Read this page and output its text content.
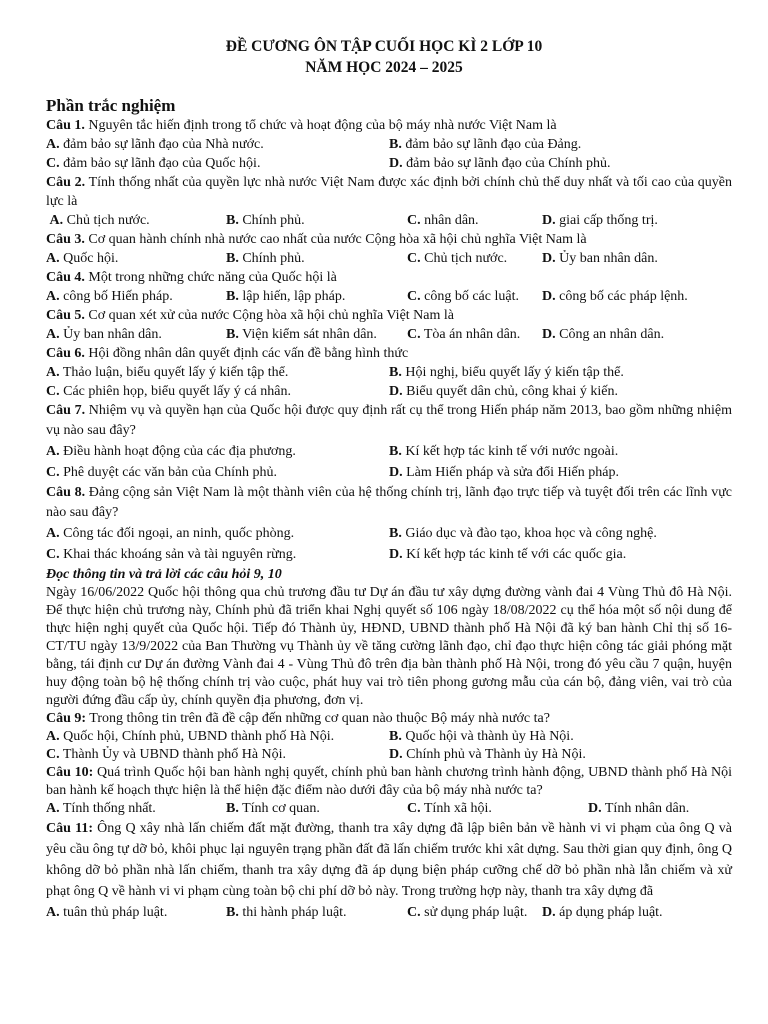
ĐỀ CƯƠNG ÔN TẬP CUỐI HỌC KÌ 2 LỚP 10
NĂM HỌC 2024 – 2025
Phần trắc nghiệm
Câu 1. Nguyên tắc hiến định trong tổ chức và hoạt động của bộ máy nhà nước Việt Nam là
A. đảm bảo sự lãnh đạo của Nhà nước.	B. đảm bảo sự lãnh đạo của Đảng.
C. đảm bảo sự lãnh đạo của Quốc hội.	D. đảm bảo sự lãnh đạo của Chính phủ.
Câu 2. Tính thống nhất của quyền lực nhà nước Việt Nam được xác định bởi chính chủ thể duy nhất và tối cao của quyền lực là
A. Chủ tịch nước.	B. Chính phủ.	C. nhân dân.	D. giai cấp thống trị.
Câu 3. Cơ quan hành chính nhà nước cao nhất của nước Cộng hòa xã hội chủ nghĩa Việt Nam là
A. Quốc hội.	B. Chính phủ.	C. Chủ tịch nước.	D. Ủy ban nhân dân.
Câu 4. Một trong những chức năng của Quốc hội là
A. công bố Hiến pháp.	B. lập hiến, lập pháp.	C. công bố các luật.	D. công bố các pháp lệnh.
Câu 5. Cơ quan xét xử của nước Cộng hòa xã hội chủ nghĩa Việt Nam là
A. Ủy ban nhân dân.	B. Viện kiểm sát nhân dân.	C. Tòa án nhân dân.	D. Công an nhân dân.
Câu 6. Hội đồng nhân dân quyết định các vấn đề bằng hình thức
A. Thảo luận, biểu quyết lấy ý kiến tập thể.	B. Hội nghị, biểu quyết lấy ý kiến tập thể.
C. Các phiên họp, biểu quyết lấy ý cá nhân.	D. Biểu quyết dân chủ, công khai ý kiến.
Câu 7. Nhiệm vụ và quyền hạn của Quốc hội được quy định rất cụ thể trong Hiến pháp năm 2013, bao gồm những nhiệm vụ nào sau đây?
A. Điều hành hoạt động của các địa phương.	B. Kí kết hợp tác kinh tế với nước ngoài.
C. Phê duyệt các văn bản của Chính phủ.	D. Làm Hiến pháp và sửa đổi Hiến pháp.
Câu 8. Đảng cộng sản Việt Nam là một thành viên của hệ thống chính trị, lãnh đạo trực tiếp và tuyệt đối trên các lĩnh vực nào sau đây?
A. Công tác đối ngoại, an ninh, quốc phòng.	B. Giáo dục và đào tạo, khoa học và công nghệ.
C. Khai thác khoáng sản và tài nguyên rừng.	D. Kí kết hợp tác kinh tế với các quốc gia.
Đọc thông tin và trả lời các câu hỏi 9, 10
Ngày 16/06/2022 Quốc hội thông qua chủ trương đầu tư Dự án đầu tư xây dựng đường vành đai 4 Vùng Thủ đô Hà Nội. Để thực hiện chủ trương này, Chính phủ đã triển khai Nghị quyết số 106 ngày 18/08/2022 cụ thể hóa một số nội dung để thực hiện nghị quyết của Quốc hội. Tiếp đó Thành ủy, HĐND, UBND thành phố Hà Nội đã ký ban hành Chỉ thị số 16-CT/TU ngày 13/9/2022 của Ban Thường vụ Thành ủy về tăng cường lãnh đạo, chỉ đạo thực hiện công tác giải phóng mặt bằng, tái định cư Dự án đường Vành đai 4 - Vùng Thủ đô trên địa bàn thành phố Hà Nội, trong đó yêu cầu 7 quận, huyện huy động toàn bộ hệ thống chính trị vào cuộc, phát huy vai trò tiên phong gương mẫu của cán bộ, đảng viên, vai trò của người đứng đầu cấp ủy, chính quyền địa phương, đơn vị.
Câu 9: Trong thông tin trên đã đề cập đến những cơ quan nào thuộc Bộ máy nhà nước ta?
A. Quốc hội, Chính phủ, UBND thành phố Hà Nội.	B. Quốc hội và thành ủy Hà Nội.
C. Thành Ủy và UBND thành phố Hà Nội.	D. Chính phủ và Thành ủy Hà Nội.
Câu 10: Quá trình Quốc hội ban hành nghị quyết, chính phủ ban hành chương trình hành động, UBND thành phố Hà Nội ban hành kế hoạch thực hiện là thể hiện đặc điểm nào dưới đây của bộ máy nhà nước ta?
A. Tính thống nhất.	B. Tính cơ quan.	C. Tính xã hội.	D. Tính nhân dân.
Câu 11: Ông Q xây nhà lấn chiếm đất mặt đường, thanh tra xây dựng đã lập biên bản về hành vi vi phạm của ông Q và yêu cầu ông tự dỡ bỏ, khôi phục lại nguyên trạng phần đất đã lấn chiếm trước khi xât dựng. Sau thời gian quy định, ông Q không dỡ bỏ phần nhà lấn chiếm, thanh tra xây dựng đã áp dụng biện pháp cưỡng chế dỡ bỏ phần nhà lẫn chiếm và xử phạt ông Q về hành vi vi phạm cùng toàn bộ chi phí dỡ bỏ này. Trong trường hợp này, thanh tra xây dựng đã
A. tuân thủ pháp luật.	B. thi hành pháp luật.	C. sử dụng pháp luật.	D. áp dụng pháp luật.
